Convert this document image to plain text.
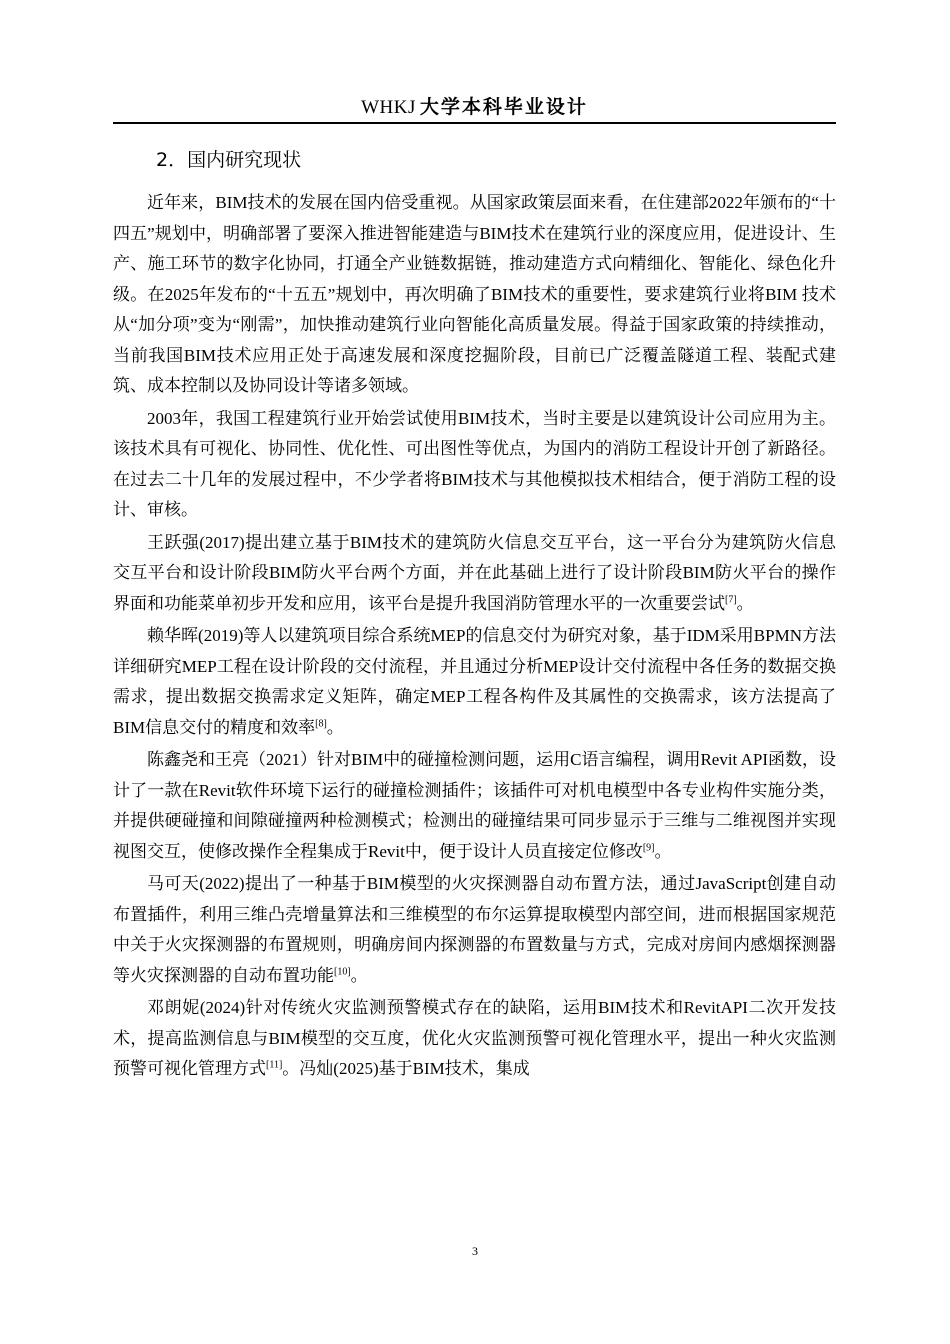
WHKJ 大学本科毕业设计
2．国内研究现状

近年来，BIM技术的发展在国内倍受重视。从国家政策层面来看，在住建部2022年颁布的“十四五”规划中，明确部署了要深入推进智能建造与BIM技术在建筑行业的深度应用，促进设计、生产、施工环节的数字化协同，打通全产业链数据链，推动建造方式向精细化、智能化、绿色化升级。在2025年发布的“十五五”规划中，再次明确了BIM技术的重要性，要求建筑行业将BIM 技术从“加分项”变为“刚需”，加快推动建筑行业向智能化高质量发展。得益于国家政策的持续推动，当前我国BIM技术应用正处于高速发展和深度挖掘阶段，目前已广泛覆盖隧道工程、装配式建筑、成本控制以及协同设计等诸多领域。

2003年，我国工程建筑行业开始尝试使用BIM技术，当时主要是以建筑设计公司应用为主。该技术具有可视化、协同性、优化性、可出图性等优点，为国内的消防工程设计开创了新路径。在过去二十几年的发展过程中，不少学者将BIM技术与其他模拟技术相结合，便于消防工程的设计、审核。

王跃强(2017)提出建立基于BIM技术的建筑防火信息交互平台，这一平台分为建筑防火信息交互平台和设计阶段BIM防火平台两个方面，并在此基础上进行了设计阶段BIM防火平台的操作界面和功能菜单初步开发和应用，该平台是提升我国消防管理水平的一次重要尝试[7]。

赖华晖(2019)等人以建筑项目综合系统MEP的信息交付为研究对象，基于IDM采用BPMN方法详细研究MEP工程在设计阶段的交付流程，并且通过分析MEP设计交付流程中各任务的数据交换需求，提出数据交换需求定义矩阵，确定MEP工程各构件及其属性的交换需求，该方法提高了BIM信息交付的精度和效率[8]。

陈鑫尧和王亮（2021）针对BIM中的碰撞检测问题，运用C语言编程，调用Revit API函数，设计了一款在Revit软件环境下运行的碰撞检测插件；该插件可对机电模型中各专业构件实施分类，并提供硬碰撞和间隙碰撞两种检测模式；检测出的碰撞结果可同步显示于三维与二维视图并实现视图交互，使修改操作全程集成于Revit中，便于设计人员直接定位修改[9]。

马可天(2022)提出了一种基于BIM模型的火灾探测器自动布置方法，通过JavaScript创建自动布置插件，利用三维凸壳增量算法和三维模型的布尔运算提取模型内部空间，进而根据国家规范中关于火灾探测器的布置规则，明确房间内探测器的布置数量与方式，完成对房间内感烟探测器等火灾探测器的自动布置功能[10]。

邓朗妮(2024)针对传统火灾监测预警模式存在的缺陷，运用BIM技术和RevitAPI二次开发技术，提高监测信息与BIM模型的交互度，优化火灾监测预警可视化管理水平，提出一种火灾监测预警可视化管理方式[11]。冯灿(2025)基于BIM技术，集成

3
